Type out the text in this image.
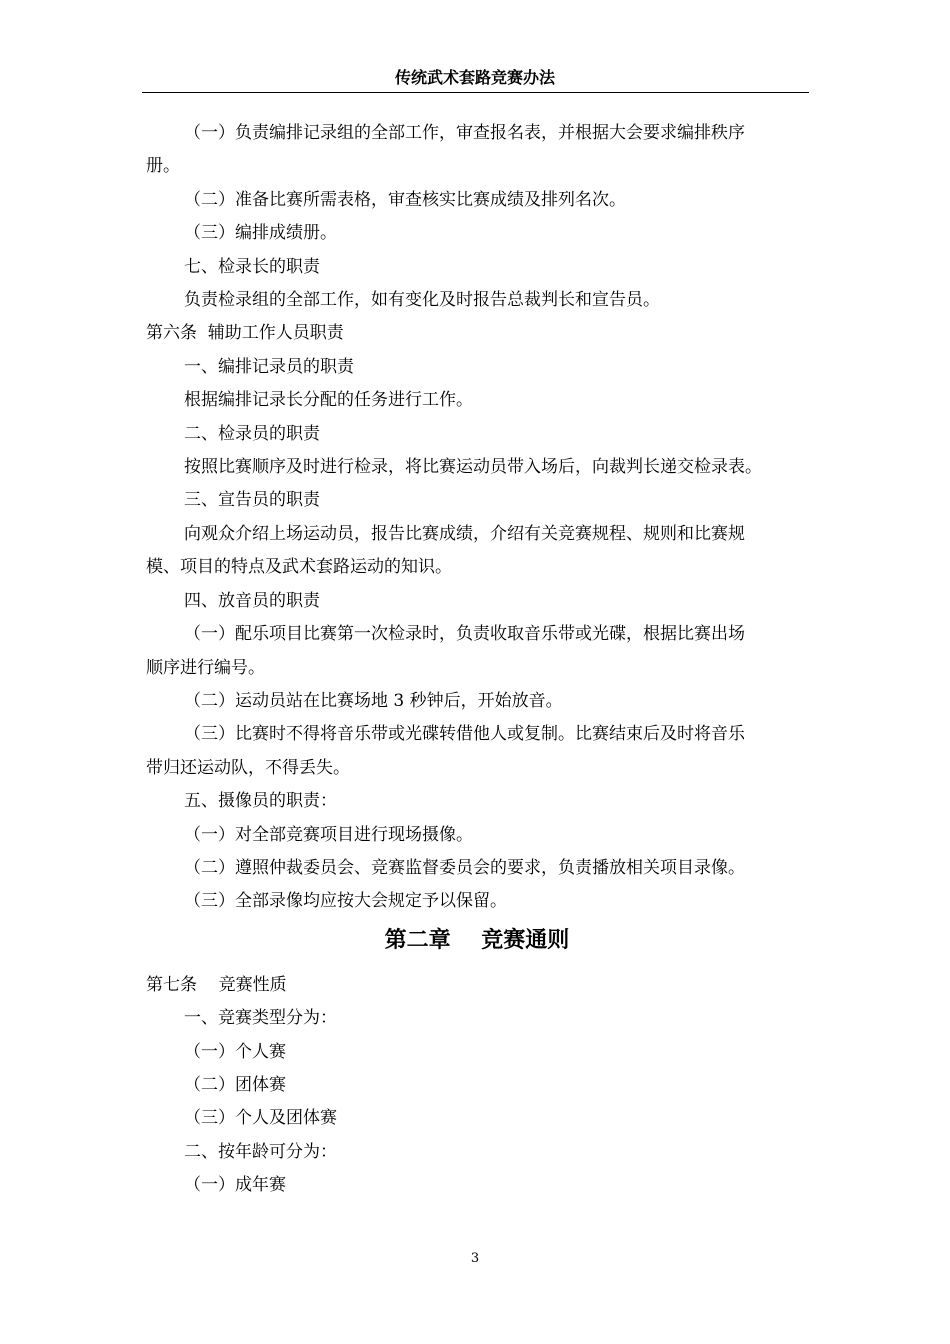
传统武术套路竞赛办法

（一）负责编排记录组的全部工作，审查报名表，并根据大会要求编排秩序

册。

（二）准备比赛所需表格，审查核实比赛成绩及排列名次。

（三）编排成绩册。

七、检录长的职责

负责检录组的全部工作，如有变化及时报告总裁判长和宣告员。

第六条  辅助工作人员职责

一、编排记录员的职责

根据编排记录长分配的任务进行工作。

二、检录员的职责

按照比赛顺序及时进行检录，将比赛运动员带入场后，向裁判长递交检录表。

三、宣告员的职责

向观众介绍上场运动员，报告比赛成绩，介绍有关竞赛规程、规则和比赛规

模、项目的特点及武术套路运动的知识。

四、放音员的职责

（一）配乐项目比赛第一次检录时，负责收取音乐带或光碟，根据比赛出场

顺序进行编号。

（二）运动员站在比赛场地 3 秒钟后，开始放音。

（三）比赛时不得将音乐带或光碟转借他人或复制。比赛结束后及时将音乐

带归还运动队，不得丢失。

五、摄像员的职责：

（一）对全部竞赛项目进行现场摄像。

（二）遵照仲裁委员会、竞赛监督委员会的要求，负责播放相关项目录像。

（三）全部录像均应按大会规定予以保留。

第二章    竞赛通则

第七条    竞赛性质

一、竞赛类型分为：

（一）个人赛

（二）团体赛

（三）个人及团体赛

二、按年龄可分为：

（一）成年赛

3
